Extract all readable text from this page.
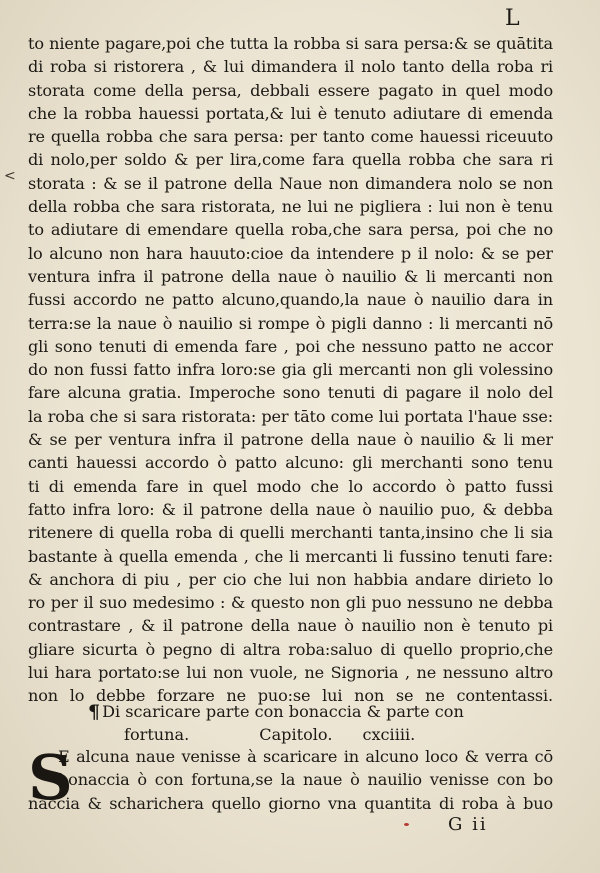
L
<
to niente pagare,poi che tutta la robba si sara persa:& se quātita
di roba si ristorera , & lui dimandera il nolo tanto della roba ri
storata come della persa, debbali essere pagato in quel modo
che la robba hauessi portata,& lui è tenuto adiutare di emenda
re quella robba che sara persa: per tanto come hauessi riceuuto
di nolo,per soldo & per lira,come fara quella robba che sara ri
storata : & se il patrone della Naue non dimandera nolo se non
della robba che sara ristorata, ne lui ne pigliera : lui non è tenu
to adiutare di emendare quella roba,che sara persa, poi che no
lo alcuno non hara hauuto:cioe da intendere p il nolo: & se per
ventura infra il patrone della naue ò nauilio & li mercanti non
fussi accordo ne patto alcuno,quando,la naue ò nauilio dara in
terra:se la naue ò nauilio si rompe ò pigli danno : li mercanti nō
gli sono tenuti di emenda fare , poi che nessuno patto ne accor
do non fussi fatto infra loro:se gia gli mercanti non gli volessino
fare alcuna gratia. Imperoche sono tenuti di pagare il nolo del
la roba che si sara ristorata: per tāto come lui portata l'haue sse:
& se per ventura infra il patrone della naue ò nauilio & li mer
canti hauessi accordo ò patto alcuno: gli merchanti sono tenu
ti di emenda fare in quel modo che lo accordo ò patto fussi
fatto infra loro: & il patrone della naue ò nauilio puo, & debba
ritenere di quella roba di quelli merchanti tanta,insino che li sia
bastante à quella emenda , che li mercanti li fussino tenuti fare:
& anchora di piu , per cio che lui non habbia andare dirieto lo
ro per il suo medesimo : & questo non gli puo nessuno ne debba
contrastare , & il patrone della naue ò nauilio non è tenuto pi
gliare sicurta ò pegno di altra roba:saluo di quello proprio,che
lui hara portato:se lui non vuole, ne Signoria , ne nessuno altro
non lo debbe forzare ne puo:se lui non se ne contentassi.
¶ Di scaricare parte con bonaccia & parte con
fortuna.	Capitolo. cxciiii.
S
E alcuna naue venisse à scaricare in alcuno loco & verra cō
bonaccia ò con fortuna,se la naue ò nauilio venisse con bo
naccia & scharichera quello giorno vna quantita di roba à buo
G ii
